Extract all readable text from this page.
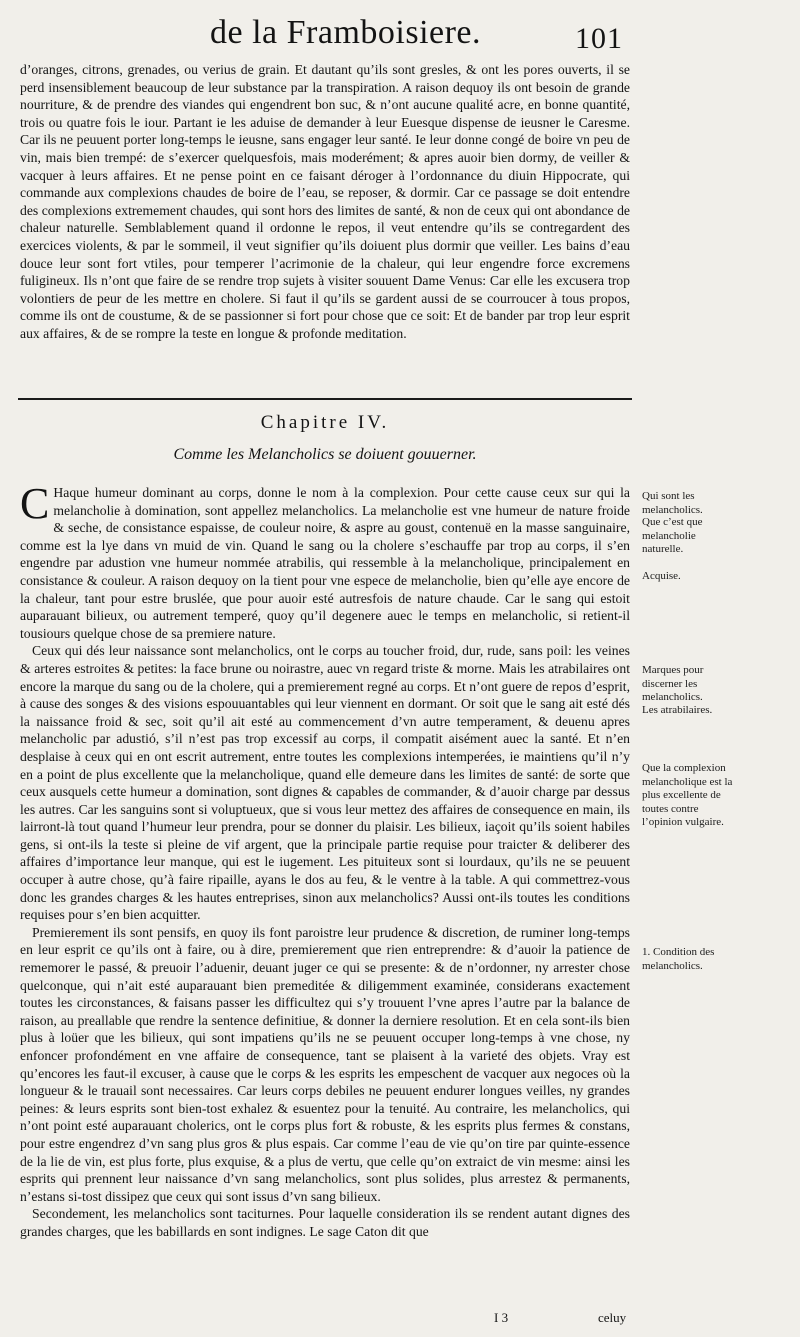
de la Framboisiere.	101

d’oranges, citrons, grenades, ou verius de grain. Et dautant qu’ils sont gresles, & ont les pores ouverts, il se perd insensiblement beaucoup de leur substance par la transpiration. A raison dequoy ils ont besoin de grande nourriture, & de prendre des viandes qui engendrent bon suc, & n’ont aucune qualité acre, en bonne quantité, trois ou quatre fois le iour. Partant ie les aduise de demander à leur Euesque dispense de ieusner le Caresme. Car ils ne peuuent porter long-temps le ieusne, sans engager leur santé. Ie leur donne congé de boire vn peu de vin, mais bien trempé: de s’exercer quelquesfois, mais moderément; & apres auoir bien dormy, de veiller & vacquer à leurs affaires. Et ne pense point en ce faisant déroger à l’ordonnance du diuin Hippocrate, qui commande aux complexions chaudes de boire de l’eau, se reposer, & dormir. Car ce passage se doit entendre des complexions extremement chaudes, qui sont hors des limites de santé, & non de ceux qui ont abondance de chaleur naturelle. Semblablement quand il ordonne le repos, il veut entendre qu’ils se contregardent des exercices violents, & par le sommeil, il veut signifier qu’ils doiuent plus dormir que veiller. Les bains d’eau douce leur sont fort vtiles, pour temperer l’acrimonie de la chaleur, qui leur engendre force excremens fuligineux. Ils n’ont que faire de se rendre trop sujets à visiter souuent Dame Venus: Car elle les excusera trop volontiers de peur de les mettre en cholere. Si faut il qu’ils se gardent aussi de se courroucer à tous propos, comme ils ont de coustume, & de se passionner si fort pour chose que ce soit: Et de bander par trop leur esprit aux affaires, & de se rompre la teste en longue & profonde meditation.

Chapitre IV.
Comme les Melancholics se doiuent gouuerner.

C Haque humeur dominant au corps, donne le nom à la complexion. Pour cette cause ceux sur qui la melancholie à domination, sont appellez melancholics. La melancholie est vne humeur de nature froide & seche, de consistance espaisse, de couleur noire, & aspre au goust, contenuë en la masse sanguinaire, comme est la lye dans vn muid de vin. Quand le sang ou la cholere s’eschauffe par trop au corps, il s’en engendre par adustion vne humeur nommée atrabilis, qui ressemble à la melancholique, principalement en consistance & couleur. A raison dequoy on la tient pour vne espece de melancholie, bien qu’elle aye encore de la chaleur, tant pour estre bruslée, que pour auoir esté autresfois de nature chaude. Car le sang qui estoit auparauant bilieux, ou autrement temperé, quoy qu’il degenere auec le temps en melancholic, si retient-il tousiours quelque chose de sa premiere nature.

Ceux qui dés leur naissance sont melancholics, ont le corps au toucher froid, dur, rude, sans poil: les veines & arteres estroites & petites: la face brune ou noirastre, auec vn regard triste & morne. Mais les atrabilaires ont encore la marque du sang ou de la cholere, qui a premierement regné au corps. Et n’ont guere de repos d’esprit, à cause des songes & des visions espouuantables qui leur viennent en dormant. Or soit que le sang ait esté dés la naissance froid & sec, soit qu’il ait esté au commencement d’vn autre temperament, & deuenu apres melancholic par adustió, s’il n’est pas trop excessif au corps, il compatit aisément auec la santé. Et n’en desplaise à ceux qui en ont escrit autrement, entre toutes les complexions intemperées, ie maintiens qu’il n’y en a point de plus excellente que la melancholique, quand elle demeure dans les limites de santé: de sorte que ceux ausquels cette humeur a domination, sont dignes & capables de commander, & d’auoir charge par dessus les autres. Car les sanguins sont si voluptueux, que si vous leur mettez des affaires de consequence en main, ils lairront-là tout quand l’humeur leur prendra, pour se donner du plaisir. Les bilieux, iaçoit qu’ils soient habiles gens, si ont-ils la teste si pleine de vif argent, que la principale partie requise pour traicter & deliberer des affaires d’importance leur manque, qui est le iugement. Les pituiteux sont si lourdaux, qu’ils ne se peuuent occuper à autre chose, qu’à faire ripaille, ayans le dos au feu, & le ventre à la table. A qui commettrez-vous donc les grandes charges & les hautes entreprises, sinon aux melancholics? Aussi ont-ils toutes les conditions requises pour s’en bien acquitter.

Premierement ils sont pensifs, en quoy ils font paroistre leur prudence & discretion, de ruminer long-temps en leur esprit ce qu’ils ont à faire, ou à dire, premierement que rien entreprendre: & d’auoir la patience de rememorer le passé, & preuoir l’aduenir, deuant juger ce qui se presente: & de n’ordonner, ny arrester chose quelconque, qui n’ait esté auparauant bien premeditée & diligemment examinée, considerans exactement toutes les circonstances, & faisans passer les difficultez qui s’y trouuent l’vne apres l’autre par la balance de raison, au preallable que rendre la sentence definitiue, & donner la derniere resolution. Et en cela sont-ils bien plus à loüer que les bilieux, qui sont impatiens qu’ils ne se peuuent occuper long-temps à vne chose, ny enfoncer profondément en vne affaire de consequence, tant se plaisent à la varieté des objets. Vray est qu’encores les faut-il excuser, à cause que le corps & les esprits les empeschent de vacquer aux negoces où la longueur & le trauail sont necessaires. Car leurs corps debiles ne peuuent endurer longues veilles, ny grandes peines: & leurs esprits sont bien-tost exhalez & esuentez pour la tenuité. Au contraire, les melancholics, qui n’ont point esté auparauant cholerics, ont le corps plus fort & robuste, & les esprits plus fermes & constans, pour estre engendrez d’vn sang plus gros & plus espais. Car comme l’eau de vie qu’on tire par quinte-essence de la lie de vin, est plus forte, plus exquise, & a plus de vertu, que celle qu’on extraict de vin mesme: ainsi les esprits qui prennent leur naissance d’vn sang melancholics, sont plus solides, plus arrestez & permanents, n’estans si-tost dissipez que ceux qui sont issus d’vn sang bilieux.

Secondement, les melancholics sont taciturnes. Pour laquelle consideration ils se rendent autant dignes des grandes charges, que les babillards en sont indignes. Le sage Caton dit que

Qui sont les melancholics.
Que c’est que melancholie naturelle.
Acquise.
Marques pour discerner les melancholics.
Les atrabilaires.
Que la complexion melancholique est la plus excellente de toutes contre l’opinion vulgaire.
1. Condition des melancholics.
I 3	celuy
